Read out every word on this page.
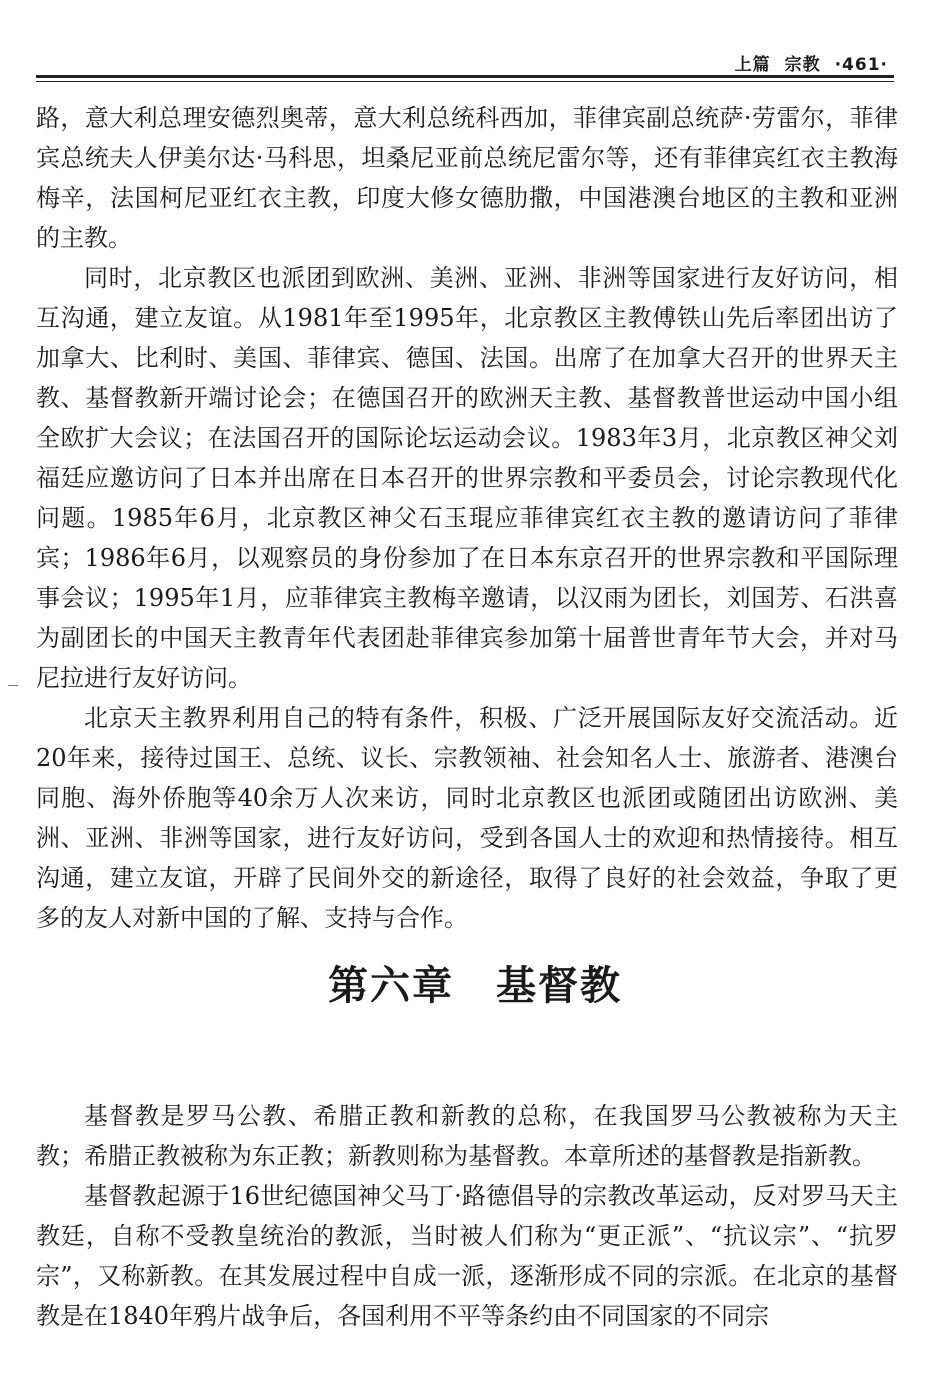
上篇 宗教 ·461·

路，意大利总理安德烈奥蒂，意大利总统科西加，菲律宾副总统萨·劳雷尔，菲律宾总统夫人伊美尔达·马科思，坦桑尼亚前总统尼雷尔等，还有菲律宾红衣主教海梅辛，法国柯尼亚红衣主教，印度大修女德肋撒，中国港澳台地区的主教和亚洲的主教。

同时，北京教区也派团到欧洲、美洲、亚洲、非洲等国家进行友好访问，相互沟通，建立友谊。从1981年至1995年，北京教区主教傅铁山先后率团出访了加拿大、比利时、美国、菲律宾、德国、法国。出席了在加拿大召开的世界天主教、基督教新开端讨论会；在德国召开的欧洲天主教、基督教普世运动中国小组全欧扩大会议；在法国召开的国际论坛运动会议。1983年3月，北京教区神父刘福廷应邀访问了日本并出席在日本召开的世界宗教和平委员会，讨论宗教现代化问题。1985年6月，北京教区神父石玉琨应菲律宾红衣主教的邀请访问了菲律宾；1986年6月，以观察员的身份参加了在日本东京召开的世界宗教和平国际理事会议；1995年1月，应菲律宾主教梅辛邀请，以汉雨为团长，刘国芳、石洪喜为副团长的中国天主教青年代表团赴菲律宾参加第十届普世青年节大会，并对马尼拉进行友好访问。

北京天主教界利用自己的特有条件，积极、广泛开展国际友好交流活动。近20年来，接待过国王、总统、议长、宗教领袖、社会知名人士、旅游者、港澳台同胞、海外侨胞等40余万人次来访，同时北京教区也派团或随团出访欧洲、美洲、亚洲、非洲等国家，进行友好访问，受到各国人士的欢迎和热情接待。相互沟通，建立友谊，开辟了民间外交的新途径，取得了良好的社会效益，争取了更多的友人对新中国的了解、支持与合作。

第六章　基督教

基督教是罗马公教、希腊正教和新教的总称，在我国罗马公教被称为天主教；希腊正教被称为东正教；新教则称为基督教。本章所述的基督教是指新教。

基督教起源于16世纪德国神父马丁·路德倡导的宗教改革运动，反对罗马天主教廷，自称不受教皇统治的教派，当时被人们称为“更正派”、“抗议宗”、“抗罗宗”，又称新教。在其发展过程中自成一派，逐渐形成不同的宗派。在北京的基督教是在1840年鸦片战争后，各国利用不平等条约由不同国家的不同宗
